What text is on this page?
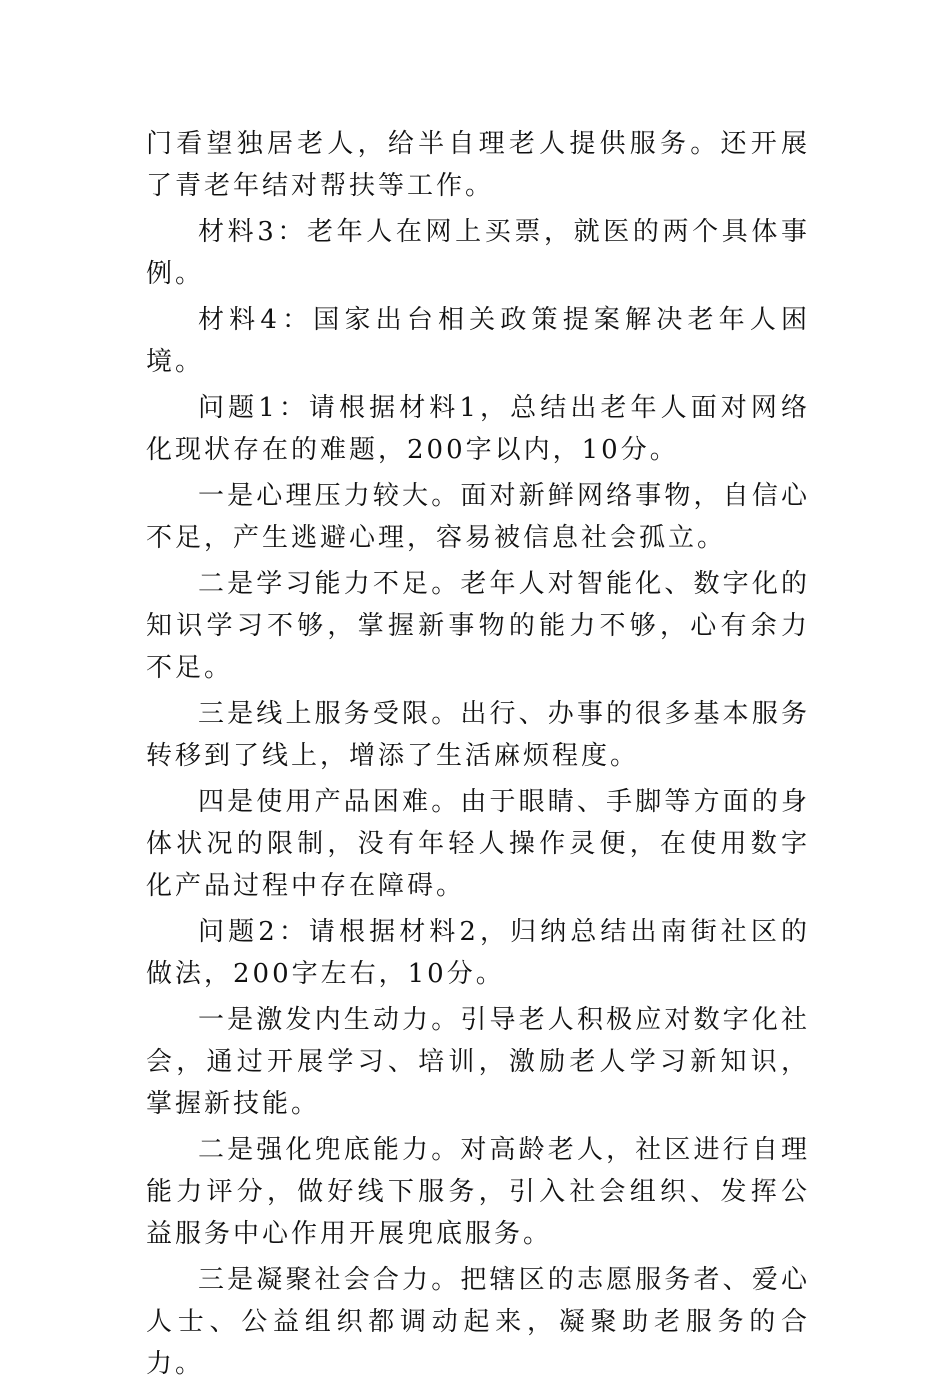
门看望独居老人，给半自理老人提供服务。还开展了青老年结对帮扶等工作。

材料3：老年人在网上买票，就医的两个具体事例。

材料4：国家出台相关政策提案解决老年人困境。

问题1：请根据材料1，总结出老年人面对网络化现状存在的难题，200字以内，10分。

一是心理压力较大。面对新鲜网络事物，自信心不足，产生逃避心理，容易被信息社会孤立。

二是学习能力不足。老年人对智能化、数字化的知识学习不够，掌握新事物的能力不够，心有余力不足。

三是线上服务受限。出行、办事的很多基本服务转移到了线上，增添了生活麻烦程度。

四是使用产品困难。由于眼睛、手脚等方面的身体状况的限制，没有年轻人操作灵便，在使用数字化产品过程中存在障碍。

问题2：请根据材料2，归纳总结出南街社区的做法，200字左右，10分。

一是激发内生动力。引导老人积极应对数字化社会，通过开展学习、培训，激励老人学习新知识，掌握新技能。

二是强化兜底能力。对高龄老人，社区进行自理能力评分，做好线下服务，引入社会组织、发挥公益服务中心作用开展兜底服务。

三是凝聚社会合力。把辖区的志愿服务者、爱心人士、公益组织都调动起来，凝聚助老服务的合力。
